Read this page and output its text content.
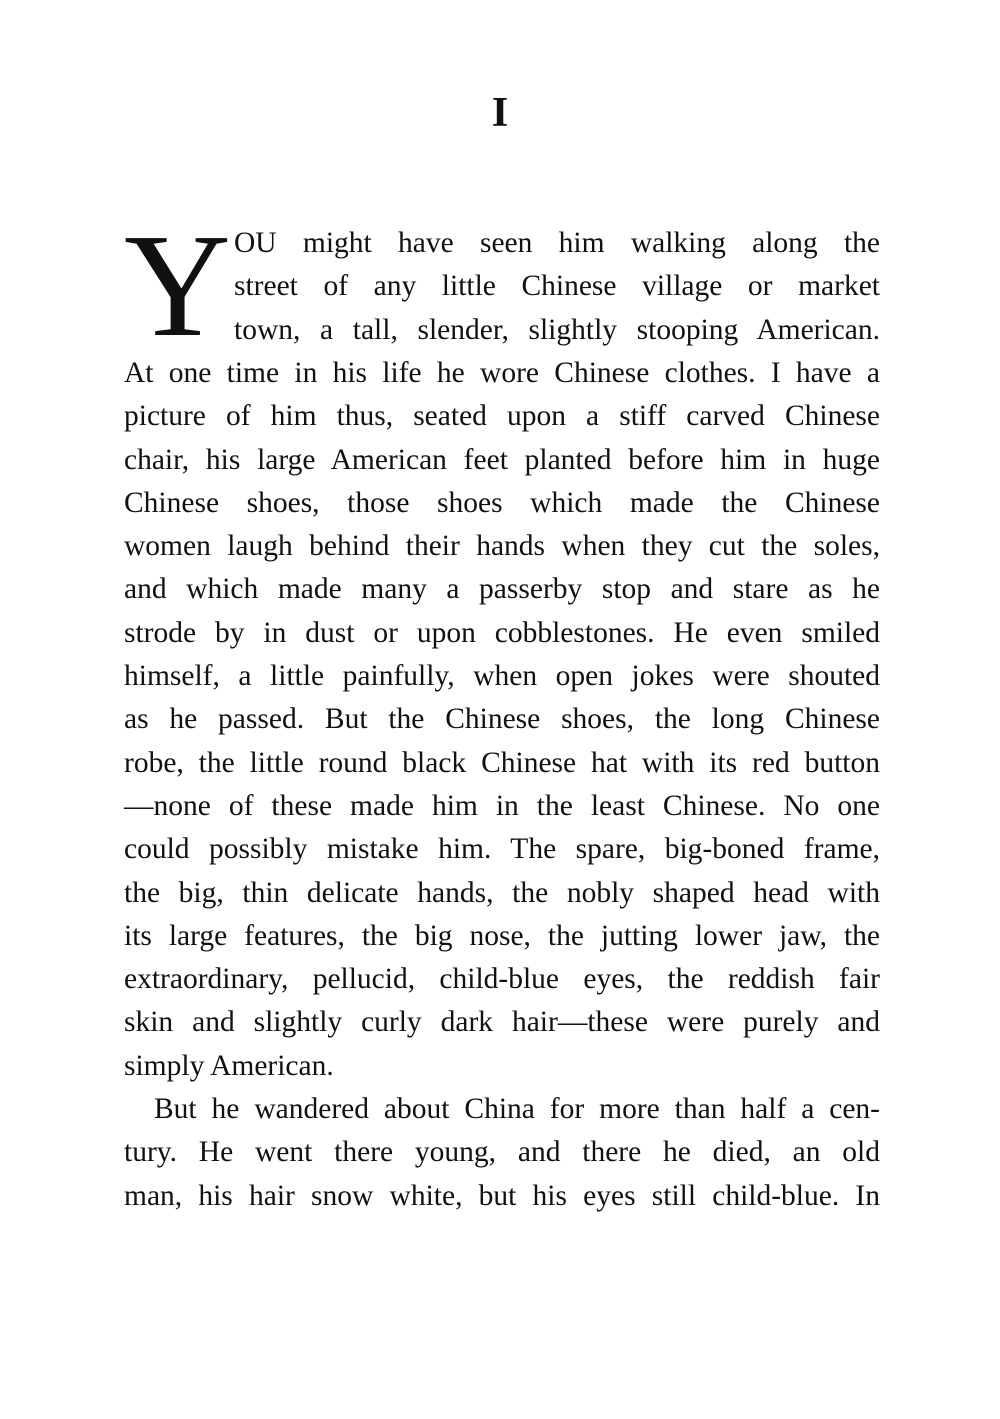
I
Y OU might have seen him walking along the
street of any little Chinese village or market
town, a tall, slender, slightly stooping American.
At one time in his life he wore Chinese clothes. I have a
picture of him thus, seated upon a stiff carved Chinese
chair, his large American feet planted before him in huge
Chinese shoes, those shoes which made the Chinese
women laugh behind their hands when they cut the soles,
and which made many a passerby stop and stare as he
strode by in dust or upon cobblestones. He even smiled
himself, a little painfully, when open jokes were shouted
as he passed. But the Chinese shoes, the long Chinese
robe, the little round black Chinese hat with its red button
—none of these made him in the least Chinese. No one
could possibly mistake him. The spare, big-boned frame,
the big, thin delicate hands, the nobly shaped head with
its large features, the big nose, the jutting lower jaw, the
extraordinary, pellucid, child-blue eyes, the reddish fair
skin and slightly curly dark hair—these were purely and
simply American.
But he wandered about China for more than half a cen-
tury. He went there young, and there he died, an old
man, his hair snow white, but his eyes still child-blue. In
